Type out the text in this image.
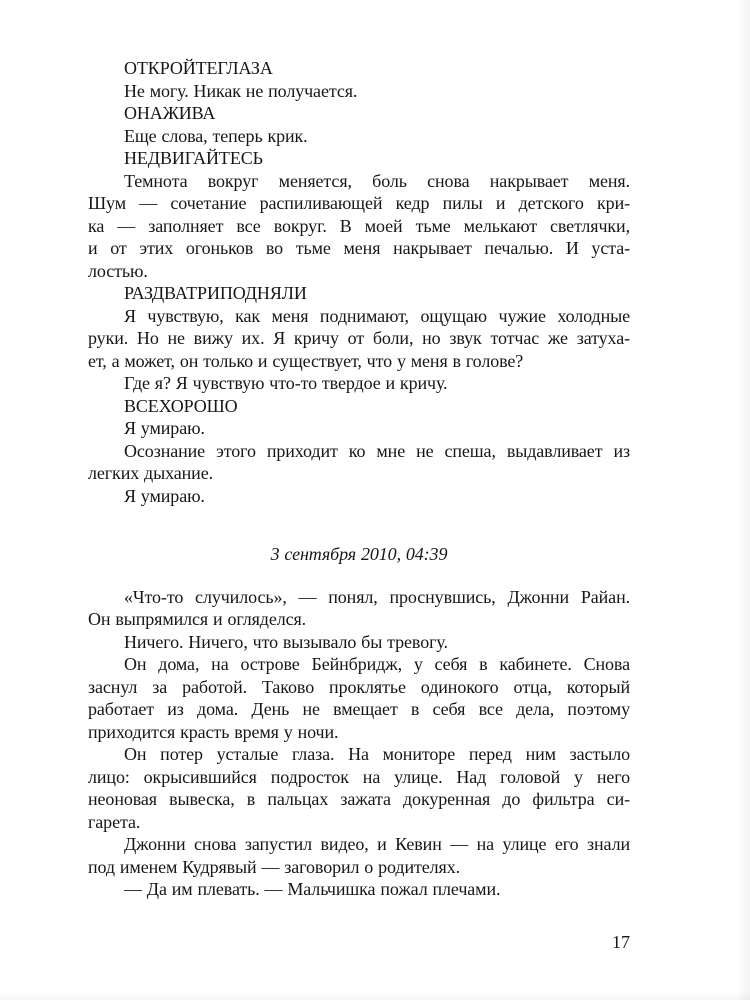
ОТКРОЙТЕГЛАЗА

Не могу. Никак не получается.

ОНАЖИВА

Еще слова, теперь крик.

НЕДВИГАЙТЕСЬ

Темнота вокруг меняется, боль снова накрывает меня.
Шум — сочетание распиливающей кедр пилы и детского кри-
ка — заполняет все вокруг. В моей тьме мелькают светлячки,
и от этих огоньков во тьме меня накрывает печалью. И уста-
лостью.

РАЗДВАТРИПОДНЯЛИ

Я чувствую, как меня поднимают, ощущаю чужие холодные
руки. Но не вижу их. Я кричу от боли, но звук тотчас же затуха-
ет, а может, он только и существует, что у меня в голове?

Где я? Я чувствую что-то твердое и кричу.

ВСЕХОРОШО

Я умираю.

Осознание этого приходит ко мне не спеша, выдавливает из
легких дыхание.

Я умираю.

3 сентября 2010, 04:39

«Что-то случилось», — понял, проснувшись, Джонни Райан.
Он выпрямился и огляделся.

Ничего. Ничего, что вызывало бы тревогу.

Он дома, на острове Бейнбридж, у себя в кабинете. Снова
заснул за работой. Таково проклятье одинокого отца, который
работает из дома. День не вмещает в себя все дела, поэтому
приходится красть время у ночи.

Он потер усталые глаза. На мониторе перед ним застыло
лицо: окрысившийся подросток на улице. Над головой у него
неоновая вывеска, в пальцах зажата докуренная до фильтра си-
гарета.

Джонни снова запустил видео, и Кевин — на улице его знали
под именем Кудрявый — заговорил о родителях.

— Да им плевать. — Мальчишка пожал плечами.

17
